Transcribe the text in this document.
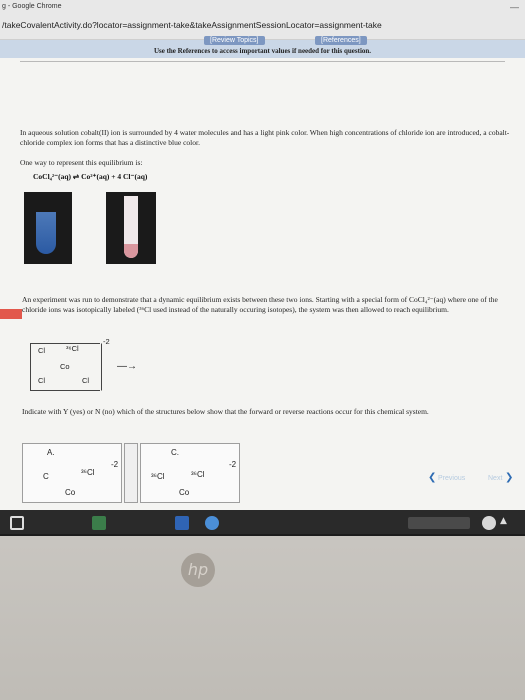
g - Google Chrome	—
/takeCovalentActivity.do?locator=assignment-take&takeAssignmentSessionLocator=assignment-take
[Review Topics]	[References]
Use the References to access important values if needed for this question.
In aqueous solution cobalt(II) ion is surrounded by 4 water molecules and has a light pink color. When high concentrations of chloride ion are introduced, a cobalt-chloride complex ion forms that has a distinctive blue color.
One way to represent this equilibrium is:
CoCl₄²⁻(aq) ⇌ Co²⁺(aq) + 4 Cl⁻(aq)
An experiment was run to demonstrate that a dynamic equilibrium exists between these two ions. Starting with a special form of CoCl₄²⁻(aq) where one of the chloride ions was isotopically labeled (³⁶Cl used instead of the naturally occuring isotopes), the system was then allowed to reach equilibrium.
Cl	³⁶Cl
-2
Co
Cl	Cl
—→
Indicate with Y (yes) or N (no) which of the structures below show that the forward or reverse reactions occur for this chemical system.
A.
C	³⁶Cl
-2
Co
C.
³⁶Cl	³⁶Cl
-2
Co
❮ Previous	Next ❯
▲
hp
